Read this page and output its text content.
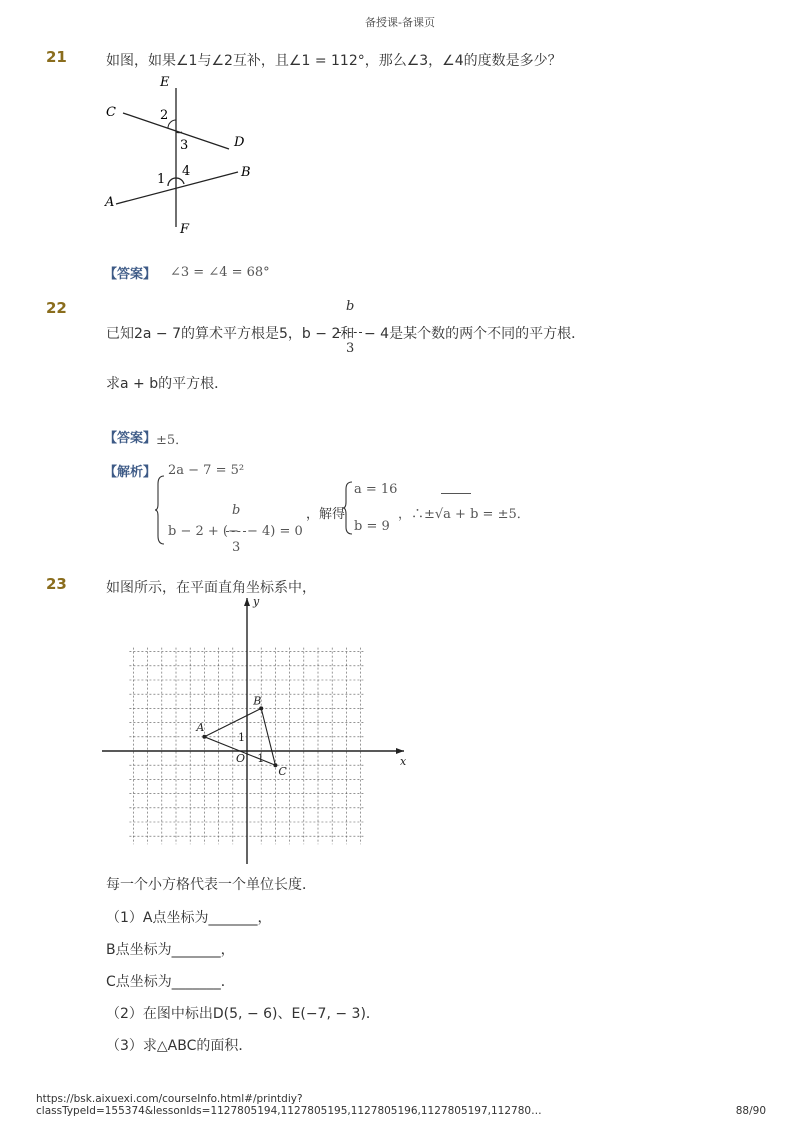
备授课-备课页
21	如图，如果∠1与∠2互补，且∠1 = 112°，那么∠3，∠4的度数是多少？
E
C	2
3	D
1
4	B
A
F
【答案】 ∠3 = ∠4 = 68°
22
已知2a − 7的算术平方根是5，b − 2和
b
3
− 4是某个数的两个不同的平方根．
求a + b的平方根．
【答案】 ±5．
【解析】 2a − 7 = 5²
b − 2 + (−
b
3
− 4) = 0
，解得
a = 16
b = 9
，∴±√a + b = ±5．
23	如图所示，在平面直角坐标系中，
x
y
O 1
1
A
B
C
每一个小方格代表一个单位长度．
（1）A点坐标为_______，
B点坐标为_______，
C点坐标为_______．
（2）在图中标出D(5, − 6)、E(−7, − 3)．
（3）求△ABC的面积．
https://bsk.aixuexi.com/courseInfo.html#/printdiy?classTypeId=155374&lessonIds=1127805194,1127805195,1127805196,1127805197,112780…	88/90
